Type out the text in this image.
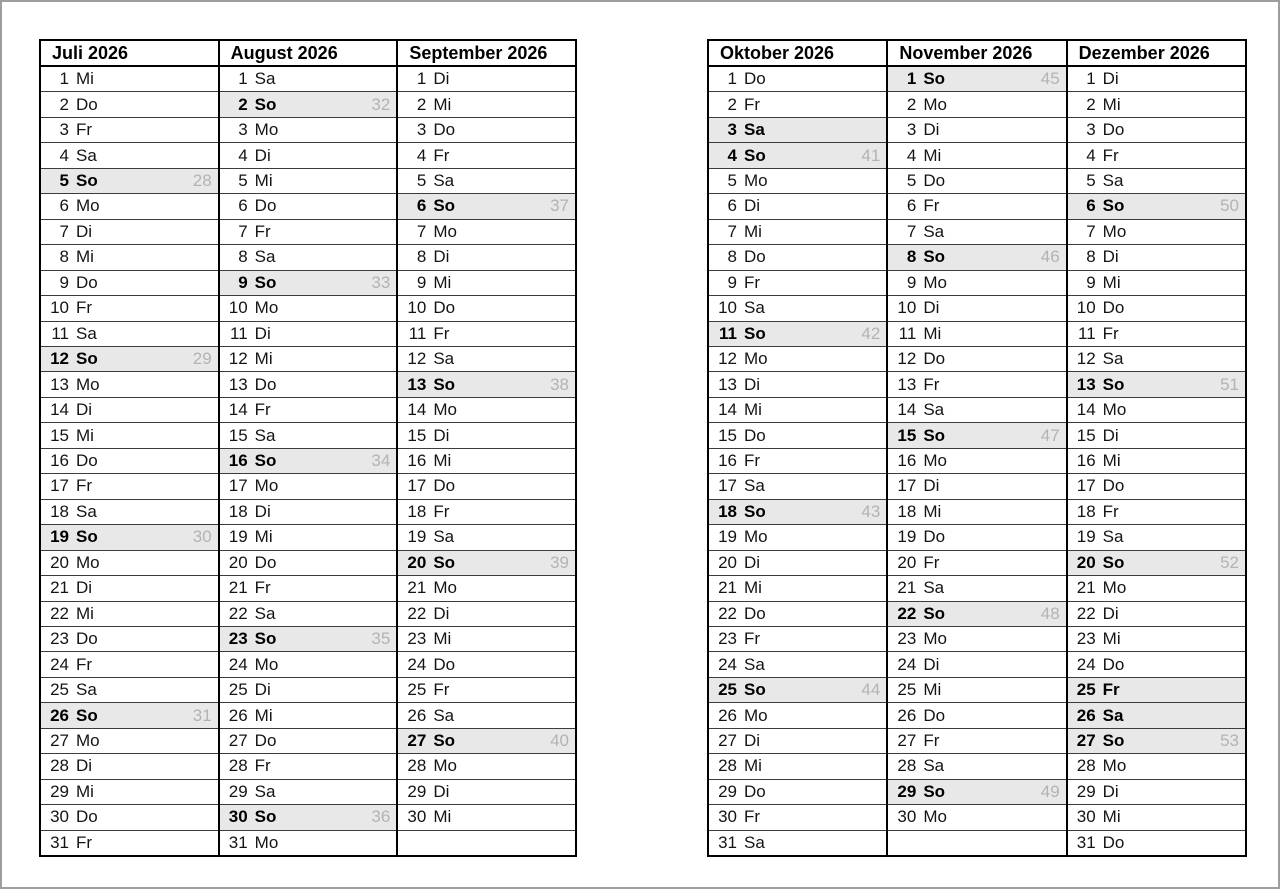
Juli 2026
1 Mi
2 Do
3 Fr
4 Sa
5 So	28
6 Mo
7 Di
8 Mi
9 Do
10 Fr
11 Sa
12 So	29
13 Mo
14 Di
15 Mi
16 Do
17 Fr
18 Sa
19 So	30
20 Mo
21 Di
22 Mi
23 Do
24 Fr
25 Sa
26 So	31
27 Mo
28 Di
29 Mi
30 Do
31 Fr
August 2026
1 Sa
2 So	32
3 Mo
4 Di
5 Mi
6 Do
7 Fr
8 Sa
9 So	33
10 Mo
11 Di
12 Mi
13 Do
14 Fr
15 Sa
16 So	34
17 Mo
18 Di
19 Mi
20 Do
21 Fr
22 Sa
23 So	35
24 Mo
25 Di
26 Mi
27 Do
28 Fr
29 Sa
30 So	36
31 Mo
September 2026
1 Di
2 Mi
3 Do
4 Fr
5 Sa
6 So	37
7 Mo
8 Di
9 Mi
10 Do
11 Fr
12 Sa
13 So	38
14 Mo
15 Di
16 Mi
17 Do
18 Fr
19 Sa
20 So	39
21 Mo
22 Di
23 Mi
24 Do
25 Fr
26 Sa
27 So	40
28 Mo
29 Di
30 Mi
Oktober 2026
1 Do
2 Fr
3 Sa
4 So	41
5 Mo
6 Di
7 Mi
8 Do
9 Fr
10 Sa
11 So	42
12 Mo
13 Di
14 Mi
15 Do
16 Fr
17 Sa
18 So	43
19 Mo
20 Di
21 Mi
22 Do
23 Fr
24 Sa
25 So	44
26 Mo
27 Di
28 Mi
29 Do
30 Fr
31 Sa
November 2026
1 So	45
2 Mo
3 Di
4 Mi
5 Do
6 Fr
7 Sa
8 So	46
9 Mo
10 Di
11 Mi
12 Do
13 Fr
14 Sa
15 So	47
16 Mo
17 Di
18 Mi
19 Do
20 Fr
21 Sa
22 So	48
23 Mo
24 Di
25 Mi
26 Do
27 Fr
28 Sa
29 So	49
30 Mo
Dezember 2026
1 Di
2 Mi
3 Do
4 Fr
5 Sa
6 So	50
7 Mo
8 Di
9 Mi
10 Do
11 Fr
12 Sa
13 So	51
14 Mo
15 Di
16 Mi
17 Do
18 Fr
19 Sa
20 So	52
21 Mo
22 Di
23 Mi
24 Do
25 Fr
26 Sa
27 So	53
28 Mo
29 Di
30 Mi
31 Do
